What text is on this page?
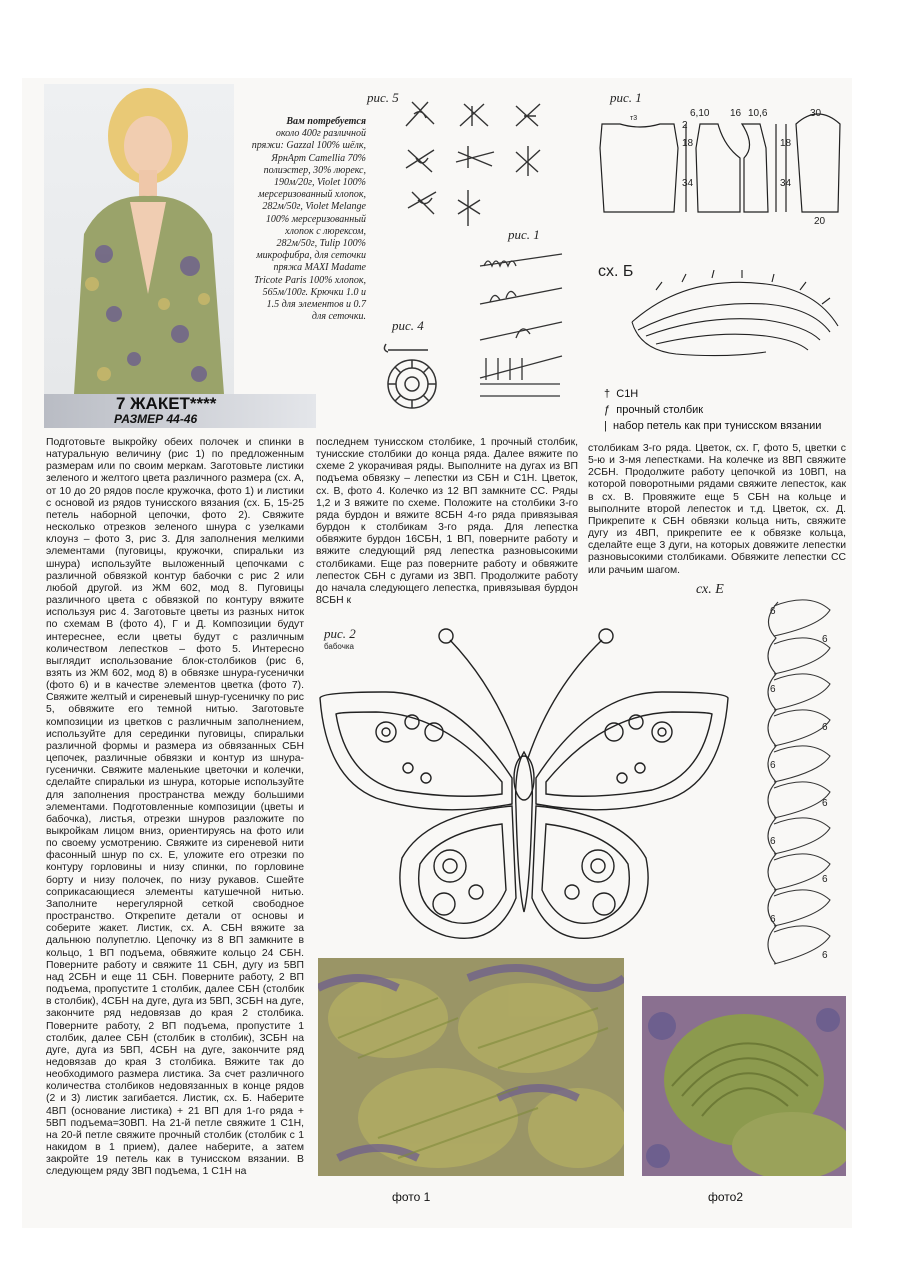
7 ЖАКЕТ****
РАЗМЕР 44-46
Вам потребуется
около 400г различной
пряжи: Gazzal 100% шёлк,
ЯрнАрт Camellia 70%
полиэстер, 30% люрекс,
190м/20г, Violet 100%
мерсеризованный хлопок,
282м/50г, Violet Melange
100% мерсеризованный
хлопок с люрексом,
282м/50г, Tulip 100%
микрофибра, для сеточки
пряжа MAXI Madame
Tricote Paris 100% хлопок,
565м/100г. Крючки 1.0 и
1.5 для элементов и 0.7
для сеточки.
рис. 5	рис. 1
рис. 1
рис. 4
сх. Б
рис. 2
бабочка
сх. Е
6,10 16 10,6	30
т3
2
18
34
18
34
20
† С1Н
ƒ прочный столбик
| набор петель как при тунисском вязании
Подготовьте выкройку обеих полочек и спинки в натуральную величину (рис 1) по предложенным размерам или по своим меркам. Заготовьте листики зеленого и желтого цвета различного размера (сх. А, от 10 до 20 рядов после кружочка, фото 1) и листики с основой из рядов тунисского вязания (сх. Б, 15-25 петель наборной цепочки, фото 2). Свяжите несколько отрезков зеленого шнура с узелками клоунз – фото 3, рис 3. Для заполнения мелкими элементами (пуговицы, кружочки, спиральки из шнура) используйте выложенный цепочками с различной обвязкой контур бабочки с рис 2 или любой другой. из ЖМ 602, мод 8. Пуговицы различного цвета с обвязкой по контуру вяжите используя рис 4. Заготовьте цветы из разных ниток по схемам В (фото 4), Г и Д. Композиции будут интереснее, если цветы будут с различным количеством лепестков – фото 5. Интересно выглядит использование блок-столбиков (рис 6, взять из ЖМ 602, мод 8) в обвязке шнура-гусенички (фото 6) и в качестве элементов цветка (фото 7). Свяжите желтый и сиреневый шнур-гусеничку по рис 5, обвяжите его темной нитью. Заготовьте композиции из цветков с различным заполнением, используйте для серединки пуговицы, спиральки различной формы и размера из обвязанных СБН цепочек, различные обвязки и контур из шнура-гусенички. Свяжите маленькие цветочки и колечки, сделайте спиральки из шнура, которые используйте для заполнения пространства между большими элементами. Подготовленные композиции (цветы и бабочка), листья, отрезки шнуров разложите по выкройкам лицом вниз, ориентируясь на фото или по своему усмотрению. Свяжите из сиреневой нити фасонный шнур по сх. Е, уложите его отрезки по контуру горловины и низу спинки, по горловине борту и низу полочек, по низу рукавов. Сшейте соприкасающиеся элементы катушечной нитью. Заполните нерегулярной сеткой свободное пространство. Открепите детали от основы и соберите жакет. Листик, сх. А. СБН вяжите за дальнюю полупетлю. Цепочку из 8 ВП замкните в кольцо, 1 ВП подъема, обвяжите кольцо 24 СБН. Поверните работу и свяжите 11 СБН, дугу из 5ВП над 2СБН и еще 11 СБН. Поверните работу, 2 ВП подъема, пропустите 1 столбик, далее СБН (столбик в столбик), 4СБН на дуге, дуга из 5ВП, 3СБН на дуге, закончите ряд недовязав до края 2 столбика. Поверните работу, 2 ВП подъема, пропустите 1 столбик, далее СБН (столбик в столбик), 3СБН на дуге, дуга из 5ВП, 4СБН на дуге, закончите ряд недовязав до края 3 столбика. Вяжите так до необходимого размера листика. За счет различного количества столбиков недовязанных в конце рядов (2 и 3) листик загибается. Листик, сх. Б. Наберите 4ВП (основание листика) + 21 ВП для 1-го ряда + 5ВП подъема=30ВП. На 21-й петле свяжите 1 С1Н, на 20-й петле свяжите прочный столбик (столбик с 1 накидом в 1 прием), далее наберите, а затем закройте 19 петель как в тунисском вязании. В следующем ряду 3ВП подъема, 1 С1Н на
последнем тунисском столбике, 1 прочный столбик, тунисские столбики до конца ряда. Далее вяжите по схеме 2 укорачивая ряды. Выполните на дугах из ВП подъема обвязку – лепестки из СБН и С1Н. Цветок, сх. В, фото 4. Колечко из 12 ВП замкните СС. Ряды 1,2 и 3 вяжите по схеме. Положите на столбики 3-го ряда бурдон и вяжите 8СБН 4-го ряда привязывая бурдон к столбикам 3-го ряда. Для лепестка обвяжите бурдон 16СБН, 1 ВП, поверните работу и вяжите следующий ряд лепестка разновысокими столбиками. Еще раз поверните работу и обвяжите лепесток СБН с дугами из 3ВП. Продолжите работу до начала следующего лепестка, привязывая бурдон 8СБН к
столбикам 3-го ряда. Цветок, сх. Г, фото 5, цветки с 5-ю и 3-мя лепестками. На колечке из 8ВП свяжите 2СБН. Продолжите работу цепочкой из 10ВП, на которой поворотными рядами свяжите лепесток, как в сх. В. Провяжите еще 5 СБН на кольце и выполните второй лепесток и т.д. Цветок, сх. Д. Прикрепите к СБН обвязки кольца нить, свяжите дугу из 4ВП, прикрепите ее к обвязке кольца, сделайте еще 3 дуги, на которых довяжите лепестки разновысокими столбиками. Обвяжите лепестки СС или рачьим шагом.
6
6
6
6
6
6
6
6
6
6
фото 1	фото2
